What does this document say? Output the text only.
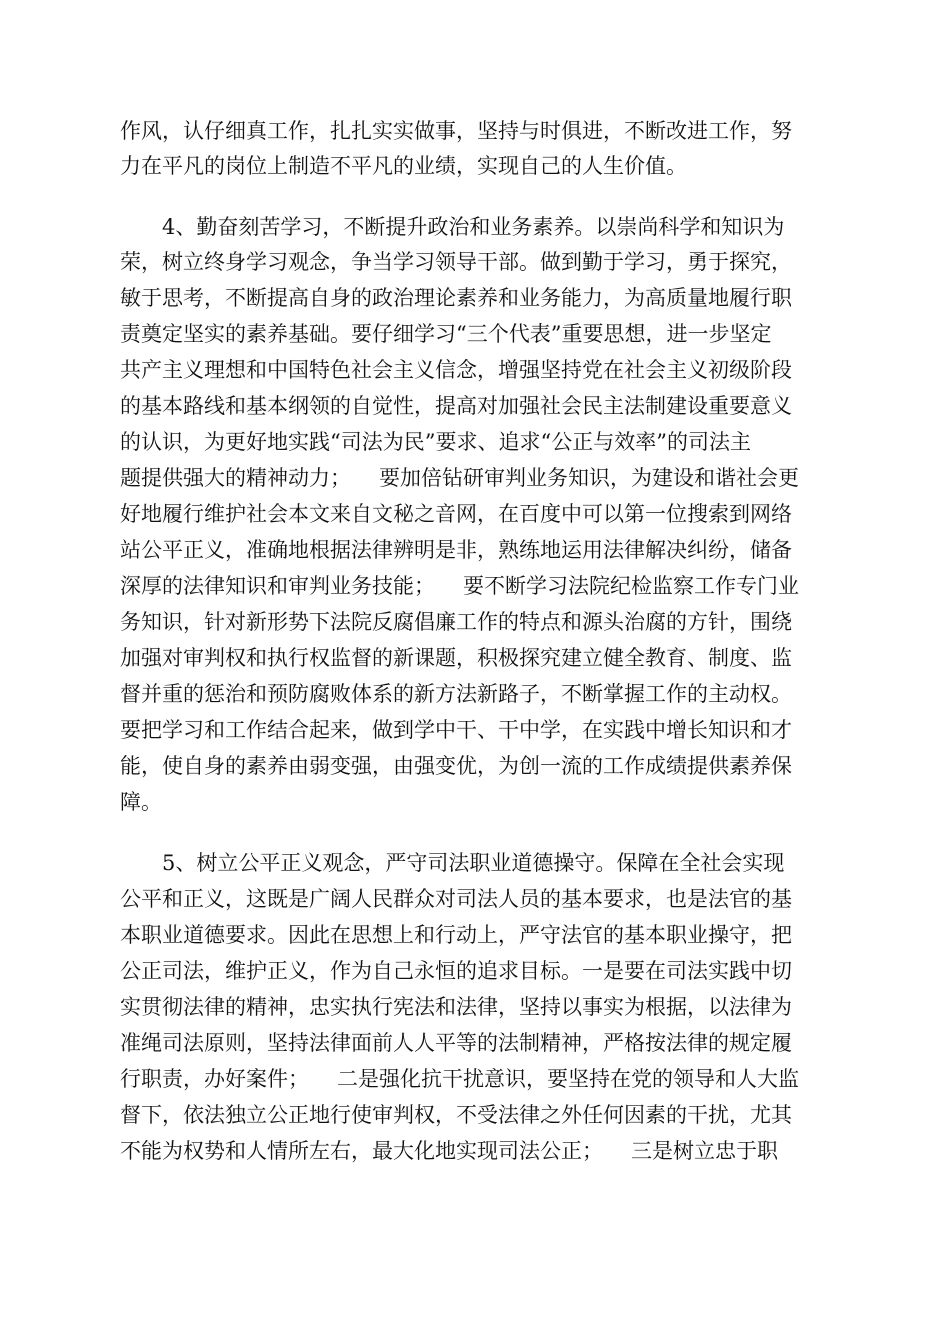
作风，认仔细真工作，扎扎实实做事，坚持与时俱进，不断改进工作，努
力在平凡的岗位上制造不平凡的业绩，实现自己的人生价值。
4、勤奋刻苦学习，不断提升政治和业务素养。以崇尚科学和知识为
荣，树立终身学习观念，争当学习领导干部。做到勤于学习，勇于探究，
敏于思考，不断提高自身的政治理论素养和业务能力，为高质量地履行职
责奠定坚实的素养基础。要仔细学习“三个代表”重要思想，进一步坚定
共产主义理想和中国特色社会主义信念，增强坚持党在社会主义初级阶段
的基本路线和基本纲领的自觉性，提高对加强社会民主法制建设重要意义
的认识，为更好地实践“司法为民”要求、追求“公正与效率”的司法主
题提供强大的精神动力； 要加倍钻研审判业务知识，为建设和谐社会更
好地履行维护社会本文来自文秘之音网，在百度中可以第一位搜索到网络
站公平正义，准确地根据法律辨明是非，熟练地运用法律解决纠纷，储备
深厚的法律知识和审判业务技能； 要不断学习法院纪检监察工作专门业
务知识，针对新形势下法院反腐倡廉工作的特点和源头治腐的方针，围绕
加强对审判权和执行权监督的新课题，积极探究建立健全教育、制度、监
督并重的惩治和预防腐败体系的新方法新路子，不断掌握工作的主动权。
要把学习和工作结合起来，做到学中干、干中学，在实践中增长知识和才
能，使自身的素养由弱变强，由强变优，为创一流的工作成绩提供素养保
障。
5、树立公平正义观念，严守司法职业道德操守。保障在全社会实现
公平和正义，这既是广阔人民群众对司法人员的基本要求，也是法官的基
本职业道德要求。因此在思想上和行动上，严守法官的基本职业操守，把
公正司法，维护正义，作为自己永恒的追求目标。一是要在司法实践中切
实贯彻法律的精神，忠实执行宪法和法律，坚持以事实为根据，以法律为
准绳司法原则，坚持法律面前人人平等的法制精神，严格按法律的规定履
行职责，办好案件； 二是强化抗干扰意识，要坚持在党的领导和人大监
督下，依法独立公正地行使审判权，不受法律之外任何因素的干扰，尤其
不能为权势和人情所左右，最大化地实现司法公正； 三是树立忠于职
